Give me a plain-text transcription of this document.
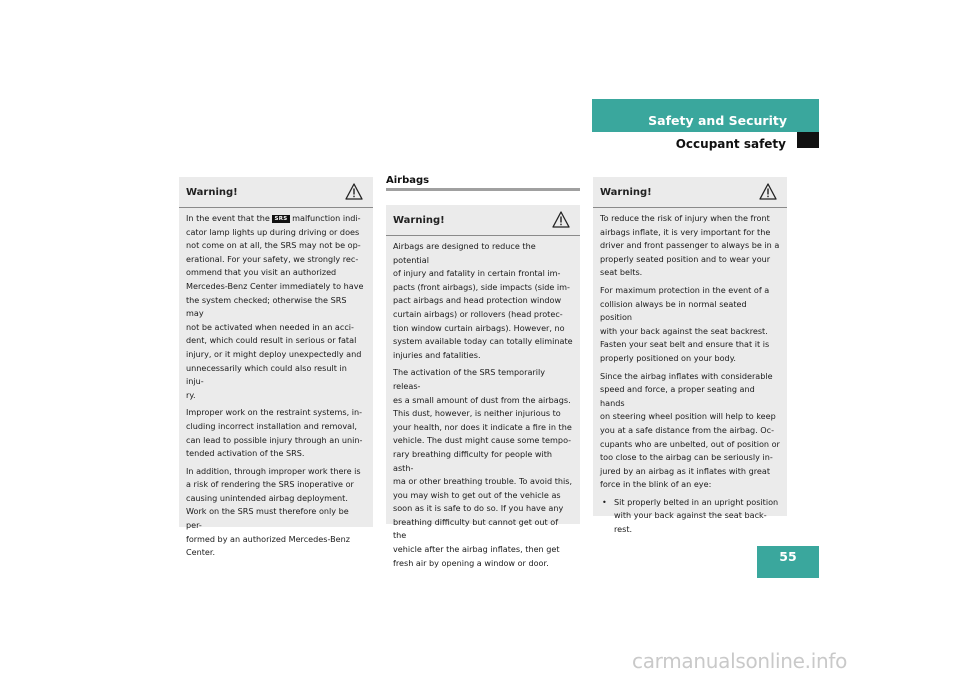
Safety and Security
Occupant safety
55
Warning!

In the event that the SRS malfunction indi-
cator lamp lights up during driving or does
not come on at all, the SRS may not be op-
erational. For your safety, we strongly rec-
ommend that you visit an authorized
Mercedes-Benz Center immediately to have
the system checked; otherwise the SRS may
not be activated when needed in an acci-
dent, which could result in serious or fatal
injury, or it might deploy unexpectedly and
unnecessarily which could also result in inju-
ry.

Improper work on the restraint systems, in-
cluding incorrect installation and removal,
can lead to possible injury through an unin-
tended activation of the SRS.

In addition, through improper work there is
a risk of rendering the SRS inoperative or
causing unintended airbag deployment.
Work on the SRS must therefore only be per-
formed by an authorized Mercedes-Benz
Center.

Airbags
Warning!

Airbags are designed to reduce the potential
of injury and fatality in certain frontal im-
pacts (front airbags), side impacts (side im-
pact airbags and head protection window
curtain airbags) or rollovers (head protec-
tion window curtain airbags). However, no
system available today can totally eliminate
injuries and fatalities.

The activation of the SRS temporarily releas-
es a small amount of dust from the airbags.
This dust, however, is neither injurious to
your health, nor does it indicate a fire in the
vehicle. The dust might cause some tempo-
rary breathing difficulty for people with asth-
ma or other breathing trouble. To avoid this,
you may wish to get out of the vehicle as
soon as it is safe to do so. If you have any
breathing difficulty but cannot get out of the
vehicle after the airbag inflates, then get
fresh air by opening a window or door.

Warning!

To reduce the risk of injury when the front
airbags inflate, it is very important for the
driver and front passenger to always be in a
properly seated position and to wear your
seat belts.

For maximum protection in the event of a
collision always be in normal seated position
with your back against the seat backrest.
Fasten your seat belt and ensure that it is
properly positioned on your body.

Since the airbag inflates with considerable
speed and force, a proper seating and hands
on steering wheel position will help to keep
you at a safe distance from the airbag. Oc-
cupants who are unbelted, out of position or
too close to the airbag can be seriously in-
jured by an airbag as it inflates with great
force in the blink of an eye:

• Sit properly belted in an upright position
with your back against the seat back-
rest.
carmanualsonline.info
